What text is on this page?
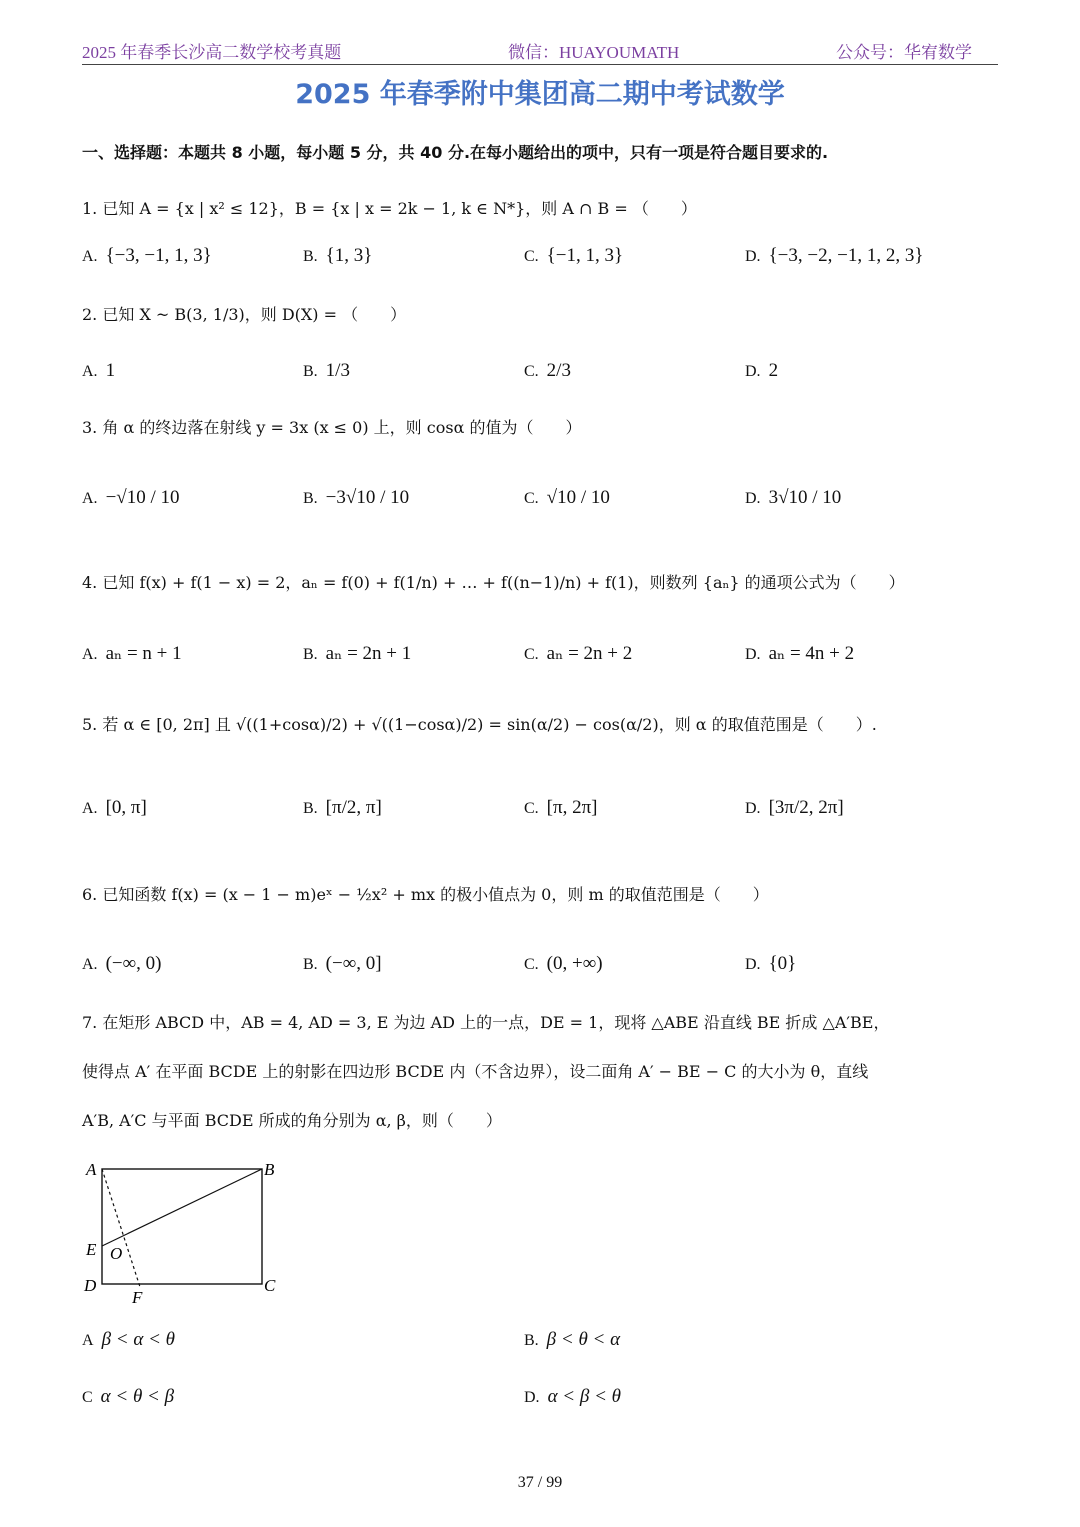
2025 年春季长沙高二数学校考真题	微信：HUAYOUMATH	公众号：华宥数学
2025 年春季附中集团高二期中考试数学
一、选择题：本题共 8 小题，每小题 5 分，共 40 分.在每小题给出的项中，只有一项是符合题目要求的.
1. 已知 A = {x | x² ≤ 12}，B = {x | x = 2k − 1, k ∈ N*}，则 A ∩ B = （　　）
A. {−3, −1, 1, 3}	B. {1, 3}	C. {−1, 1, 3}	D. {−3, −2, −1, 1, 2, 3}
2. 已知 X ~ B(3, 1/3)，则 D(X) = （　　）
A. 1	B. 1/3	C. 2/3	D. 2
3. 角 α 的终边落在射线 y = 3x (x ≤ 0) 上，则 cosα 的值为（　　）
A. −√10 / 10	B. −3√10 / 10	C. √10 / 10	D. 3√10 / 10
4. 已知 f(x) + f(1 − x) = 2，aₙ = f(0) + f(1/n) + … + f((n−1)/n) + f(1)，则数列 {aₙ} 的通项公式为（　　）
A. aₙ = n + 1	B. aₙ = 2n + 1	C. aₙ = 2n + 2	D. aₙ = 4n + 2
5. 若 α ∈ [0, 2π] 且 √((1+cosα)/2) + √((1−cosα)/2) = sin(α/2) − cos(α/2)，则 α 的取值范围是（　　）.
A. [0, π]	B. [π/2, π]	C. [π, 2π]	D. [3π/2, 2π]
6. 已知函数 f(x) = (x − 1 − m)eˣ − ½x² + mx 的极小值点为 0，则 m 的取值范围是（　　）
A. (−∞, 0)	B. (−∞, 0]	C. (0, +∞)	D. {0}
7. 在矩形 ABCD 中，AB = 4, AD = 3, E 为边 AD 上的一点，DE = 1，现将 △ABE 沿直线 BE 折成 △A′BE，
使得点 A′ 在平面 BCDE 上的射影在四边形 BCDE 内（不含边界），设二面角 A′ − BE − C 的大小为 θ，直线
A′B, A′C 与平面 BCDE 所成的角分别为 α, β，则（　　）
A	B
C
D
E
F
O
A β < α < θ	B. β < θ < α
C α < θ < β	D. α < β < θ
37 / 99
